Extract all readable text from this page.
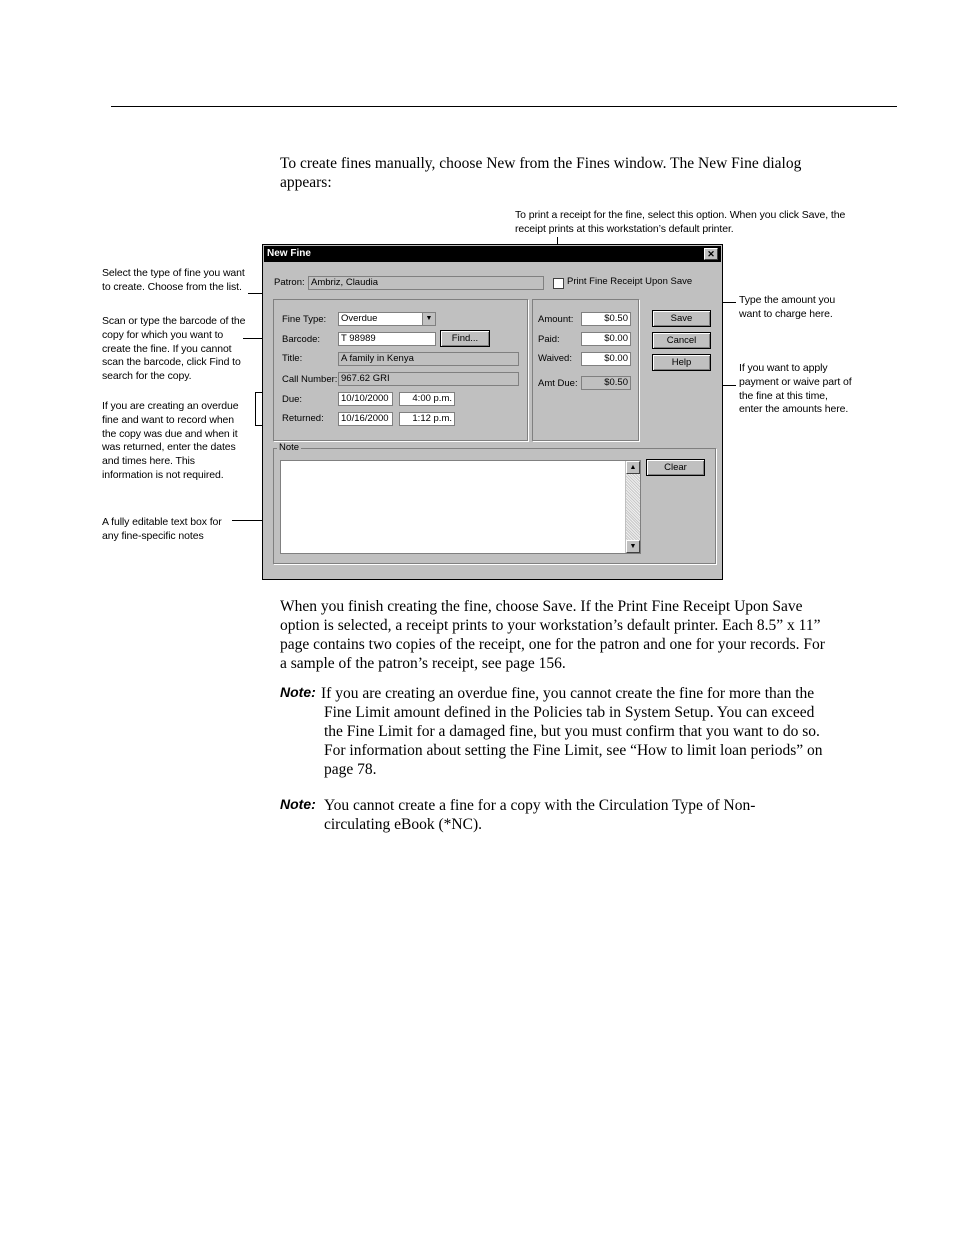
To create fines manually, choose New from the Fines window. The New Fine dialog appears:
To print a receipt for the fine, select this option. When you click Save, the receipt prints at this workstation’s default printer.
Select the type of fine you want to create. Choose from the list.
Scan or type the barcode of the copy for which you want to create the fine. If you cannot scan the barcode, click Find to search for the copy.
If you are creating an overdue fine and want to record when the copy was due and when it was returned, enter the dates and times here. This information is not required.
A fully editable text box for any fine-specific notes
Type the amount you want to charge here.
If you want to apply payment or waive part of the fine at this time, enter the amounts here.
New Fine	✕
Patron: Ambriz, Claudia	Print Fine Receipt Upon Save
Fine Type:	Overdue	▼
Barcode:	T 98989	Find...
Title:	A family in Kenya
Call Number: 967.62 GRI
Due:	10/10/2000	4:00 p.m.
Returned:	10/16/2000	1:12 p.m.
Amount:	$0.50
Paid:	$0.00
Waived:	$0.00
Amt Due:	$0.50
Save
Cancel
Help
Note
▲
▼
Clear
When you finish creating the fine, choose Save. If the Print Fine Receipt Upon Save option is selected, a receipt prints to your workstation’s default printer. Each 8.5” x 11” page contains two copies of the receipt, one for the patron and one for your records. For a sample of the patron’s receipt, see page 156.
Note: If you are creating an overdue fine, you cannot create the fine for more than the Fine Limit amount defined in the Policies tab in System Setup. You can exceed the Fine Limit for a damaged fine, but you must confirm that you want to do so. For information about setting the Fine Limit, see “How to limit loan periods” on page 78.
Note: You cannot create a fine for a copy with the Circulation Type of Non-circulating eBook (*NC).
